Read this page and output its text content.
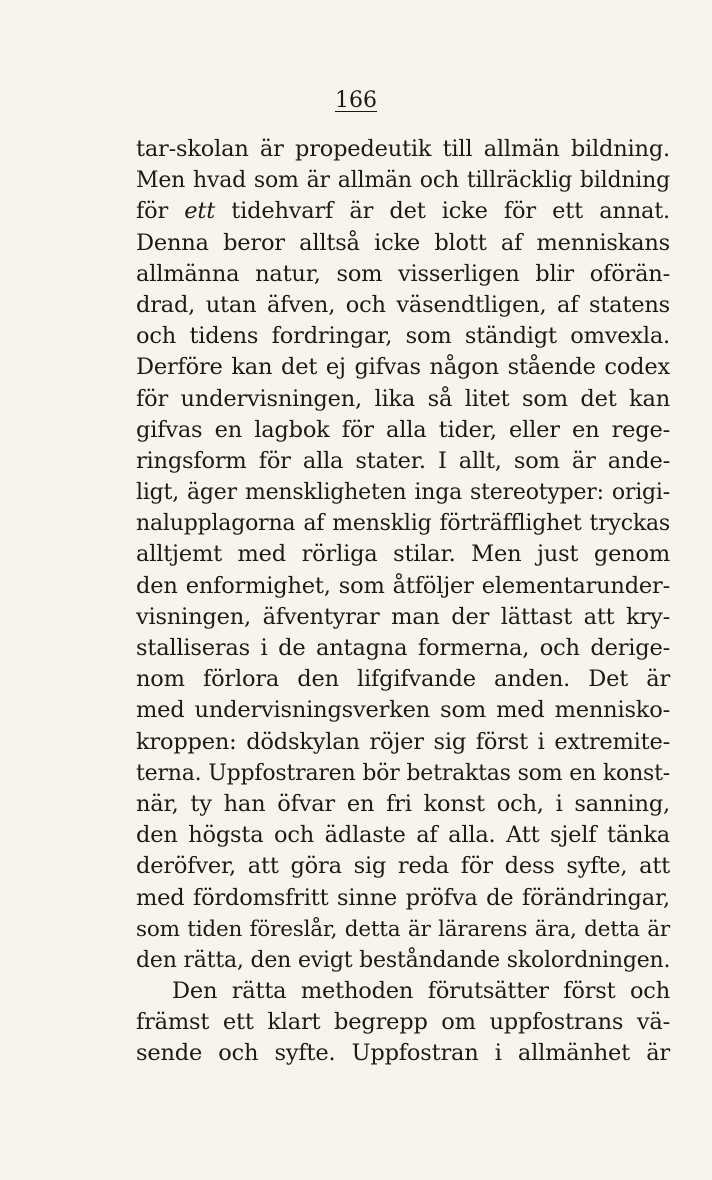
166
tar-skolan är propedeutik till allmän bildning.
Men hvad som är allmän och tillräcklig bildning
för ett tidehvarf är det icke för ett annat.
Denna beror alltså icke blott af menniskans
allmänna natur, som visserligen blir oförän-
drad, utan äfven, och väsendtligen, af statens
och tidens fordringar, som ständigt omvexla.
Derföre kan det ej gifvas någon stående codex
för undervisningen, lika så litet som det kan
gifvas en lagbok för alla tider, eller en rege-
ringsform för alla stater. I allt, som är ande-
ligt, äger menskligheten inga stereotyper: origi-
nalupplagorna af mensklig förträfflighet tryckas
alltjemt med rörliga stilar. Men just genom
den enformighet, som åtföljer elementarunder-
visningen, äfventyrar man der lättast att kry-
stalliseras i de antagna formerna, och derige-
nom förlora den lifgifvande anden. Det är
med undervisningsverken som med menniskо-
kroppen: dödskylan röjer sig först i extremite-
terna. Uppfostraren bör betraktas som en konst-
när, ty han öfvar en fri konst och, i sanning,
den högsta och ädlaste af alla. Att sjelf tänka
deröfver, att göra sig reda för dess syfte, att
med fördomsfritt sinne pröfva de förändringar,
som tiden föreslår, detta är lärarens ära, detta är
den rätta, den evigt beståndande skolordningen.
Den rätta methoden förutsätter först och
främst ett klart begrepp om uppfostrans vä-
sende och syfte. Uppfostran i allmänhet är
